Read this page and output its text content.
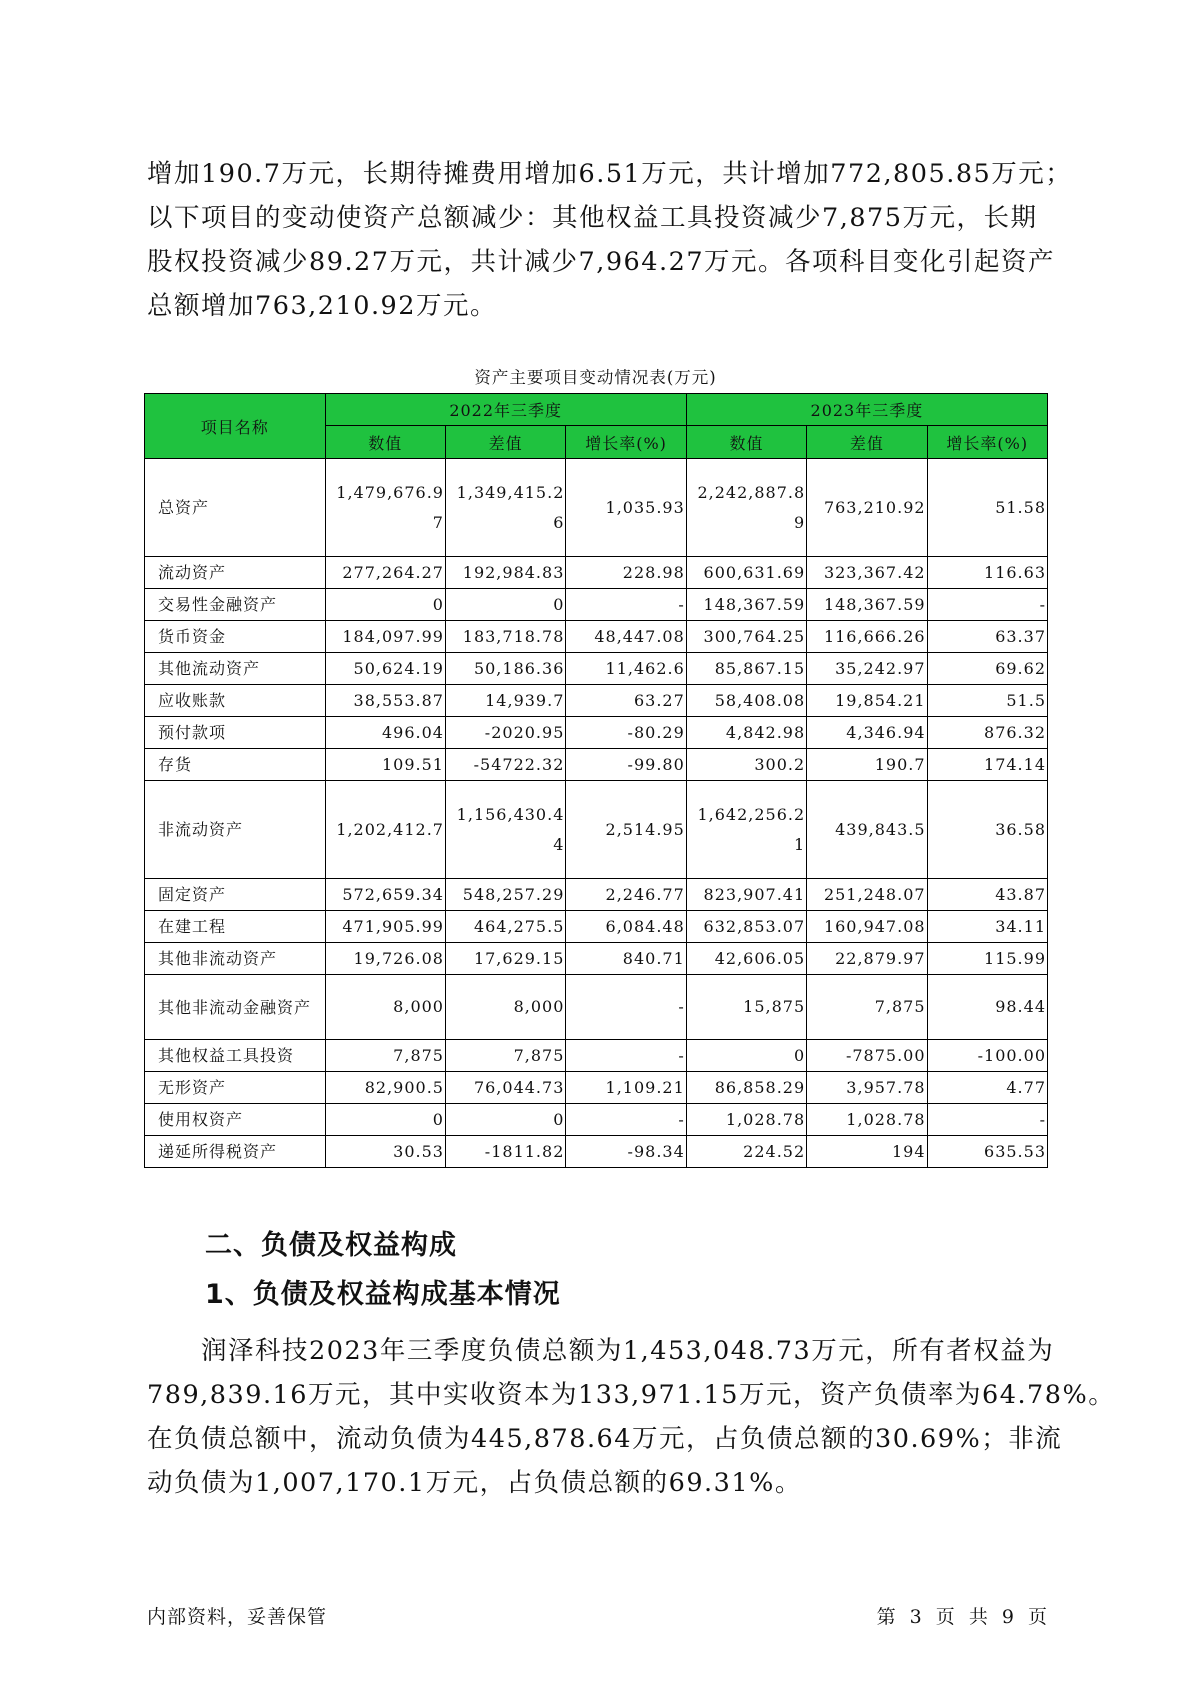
增加190.7万元，长期待摊费用增加6.51万元，共计增加772,805.85万元；
以下项目的变动使资产总额减少：其他权益工具投资减少7,875万元，长期
股权投资减少89.27万元，共计减少7,964.27万元。各项科目变化引起资产
总额增加763,210.92万元。
资产主要项目变动情况表(万元)
项目名称	2022年三季度			2023年三季度		
	数值	差值	增长率(%)	数值	差值	增长率(%)
总资产	1,479,676.97	1,349,415.26	1,035.93	2,242,887.89	763,210.92	51.58
流动资产	277,264.27	192,984.83	228.98	600,631.69	323,367.42	116.63
交易性金融资产	0	0	-	148,367.59	148,367.59	-
货币资金	184,097.99	183,718.78	48,447.08	300,764.25	116,666.26	63.37
其他流动资产	50,624.19	50,186.36	11,462.6	85,867.15	35,242.97	69.62
应收账款	38,553.87	14,939.7	63.27	58,408.08	19,854.21	51.5
预付款项	496.04	-2020.95	-80.29	4,842.98	4,346.94	876.32
存货	109.51	-54722.32	-99.80	300.2	190.7	174.14
非流动资产	1,202,412.7	1,156,430.44	2,514.95	1,642,256.21	439,843.5	36.58
固定资产	572,659.34	548,257.29	2,246.77	823,907.41	251,248.07	43.87
在建工程	471,905.99	464,275.5	6,084.48	632,853.07	160,947.08	34.11
其他非流动资产	19,726.08	17,629.15	840.71	42,606.05	22,879.97	115.99
其他非流动金融资产	8,000	8,000	-	15,875	7,875	98.44
其他权益工具投资	7,875	7,875	-	0	-7875.00	-100.00
无形资产	82,900.5	76,044.73	1,109.21	86,858.29	3,957.78	4.77
使用权资产	0	0	-	1,028.78	1,028.78	-
递延所得税资产	30.53	-1811.82	-98.34	224.52	194	635.53
二、负债及权益构成
1、负债及权益构成基本情况
润泽科技2023年三季度负债总额为1,453,048.73万元，所有者权益为
789,839.16万元，其中实收资本为133,971.15万元，资产负债率为64.78%。
在负债总额中，流动负债为445,878.64万元，占负债总额的30.69%；非流
动负债为1,007,170.1万元，占负债总额的69.31%。
内部资料，妥善保管	第 3 页 共 9 页
